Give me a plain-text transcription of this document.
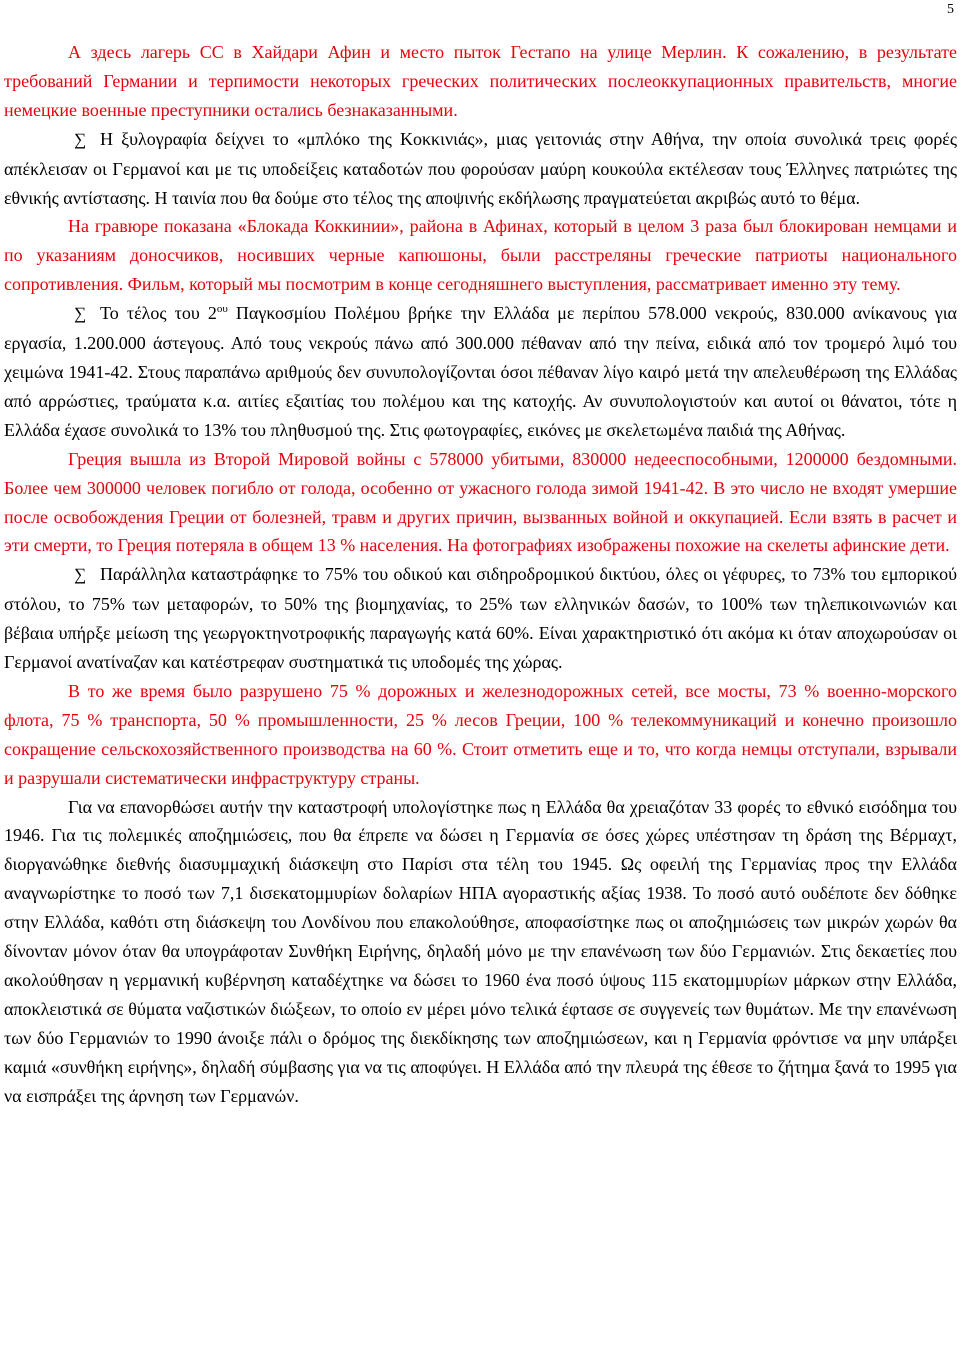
5

А здесь лагерь СС в Хайдари Афин и место пыток Гестапо на улице Мерлин. К сожалению, в результате требований Германии и терпимости некоторых греческих политических послеоккупационных правительств, многие немецкие военные преступники остались безнаказанными.

∑ Η ξυλογραφία δείχνει το «μπλόκο της Κοκκινιάς», μιας γειτονιάς στην Αθήνα, την οποία συνολικά τρεις φορές απέκλεισαν οι Γερμανοί και με τις υποδείξεις καταδοτών που φορούσαν μαύρη κουκούλα εκτέλεσαν τους Έλληνες πατριώτες της εθνικής αντίστασης. Η ταινία που θα δούμε στο τέλος της αποψινής εκδήλωσης πραγματεύεται ακριβώς αυτό το θέμα.

На гравюре показана «Блокада Коккинии», района в Афинах, который в целом 3 раза был блокирован немцами и по указаниям доносчиков, носивших черные капюшоны, были расстреляны греческие патриоты национального сопротивления. Фильм, который мы посмотрим в конце сегодняшнего выступления, рассматривает именно эту тему.

∑ Το τέλος του $2^{o\upsilon}$ Παγκοσμίου Πολέμου βρήκε την Ελλάδα με περίπου 578.000 νεκρούς, 830.000 ανίκανους για εργασία, 1.200.000 άστεγους. Από τους νεκρούς πάνω από 300.000 πέθαναν από την πείνα, ειδικά από τον τρομερό λιμό του χειμώνα 1941-42. Στους παραπάνω αριθμούς δεν συνυπολογίζονται όσοι πέθαναν λίγο καιρό μετά την απελευθέρωση της Ελλάδας από αρρώστιες, τραύματα κ.α. αιτίες εξαιτίας του πολέμου και της κατοχής. Αν συνυπολογιστούν και αυτοί οι θάνατοι, τότε η Ελλάδα έχασε συνολικά το 13% του πληθυσμού της. Στις φωτογραφίες, εικόνες με σκελετωμένα παιδιά της Αθήνας.

Греция вышла из Второй Мировой войны с 578000 убитыми, 830000 недееспособными, 1200000 бездомными. Более чем 300000 человек погибло от голода, особенно от ужасного голода зимой 1941-42. В это число не входят умершие после освобождения Греции от болезней, травм и других причин, вызванных войной и оккупацией. Если взять в расчет и эти смерти, то Греция потеряла в общем 13 % населения. На фотографиях изображены похожие на скелеты афинские дети.

∑ Παράλληλα καταστράφηκε το 75% του οδικού και σιδηροδρομικού δικτύου, όλες οι γέφυρες, το 73% του εμπορικού στόλου, το 75% των μεταφορών, το 50% της βιομηχανίας, το 25% των ελληνικών δασών, το 100% των τηλεπικοινωνιών και βέβαια υπήρξε μείωση της γεωργοκτηνοτροφικής παραγωγής κατά 60%. Είναι χαρακτηριστικό ότι ακόμα κι όταν αποχωρούσαν οι Γερμανοί ανατίναζαν και κατέστρεφαν συστηματικά τις υποδομές της χώρας.

В то же время было разрушено 75 % дорожных и железнодорожных сетей, все мосты, 73 % военно-морского флота, 75 % транспорта, 50 % промышленности, 25 % лесов Греции, 100 % телекоммуникаций и конечно произошло сокращение сельскохозяйственного производства на 60 %. Стоит отметить еще и то, что когда немцы отступали, взрывали и разрушали систематически инфраструктуру страны.

Για να επανορθώσει αυτήν την καταστροφή υπολογίστηκε πως η Ελλάδα θα χρειαζόταν 33 φορές το εθνικό εισόδημα του 1946. Για τις πολεμικές αποζημιώσεις, που θα έπρεπε να δώσει η Γερμανία σε όσες χώρες υπέστησαν τη δράση της Βέρμαχτ, διοργανώθηκε διεθνής διασυμμαχική διάσκεψη στο Παρίσι στα τέλη του 1945. Ως οφειλή της Γερμανίας προς την Ελλάδα αναγνωρίστηκε το ποσό των 7,1 δισεκατομμυρίων δολαρίων ΗΠΑ αγοραστικής αξίας 1938. Το ποσό αυτό ουδέποτε δεν δόθηκε στην Ελλάδα, καθότι στη διάσκεψη του Λονδίνου που επακολούθησε, αποφασίστηκε πως οι αποζημιώσεις των μικρών χωρών θα δίνονταν μόνον όταν θα υπογράφοταν Συνθήκη Ειρήνης, δηλαδή μόνο με την επανένωση των δύο Γερμανιών. Στις δεκαετίες που ακολούθησαν η γερμανική κυβέρνηση καταδέχτηκε να δώσει το 1960 ένα ποσό ύψους 115 εκατομμυρίων μάρκων στην Ελλάδα, αποκλειστικά σε θύματα ναζιστικών διώξεων, το οποίο εν μέρει μόνο τελικά έφτασε σε συγγενείς των θυμάτων. Με την επανένωση των δύο Γερμανιών το 1990 άνοιξε πάλι ο δρόμος της διεκδίκησης των αποζημιώσεων, και η Γερμανία φρόντισε να μην υπάρξει καμιά «συνθήκη ειρήνης», δηλαδή σύμβασης για να τις αποφύγει. Η Ελλάδα από την πλευρά της έθεσε το ζήτημα ξανά το 1995 για να εισπράξει της άρνηση των Γερμανών.
